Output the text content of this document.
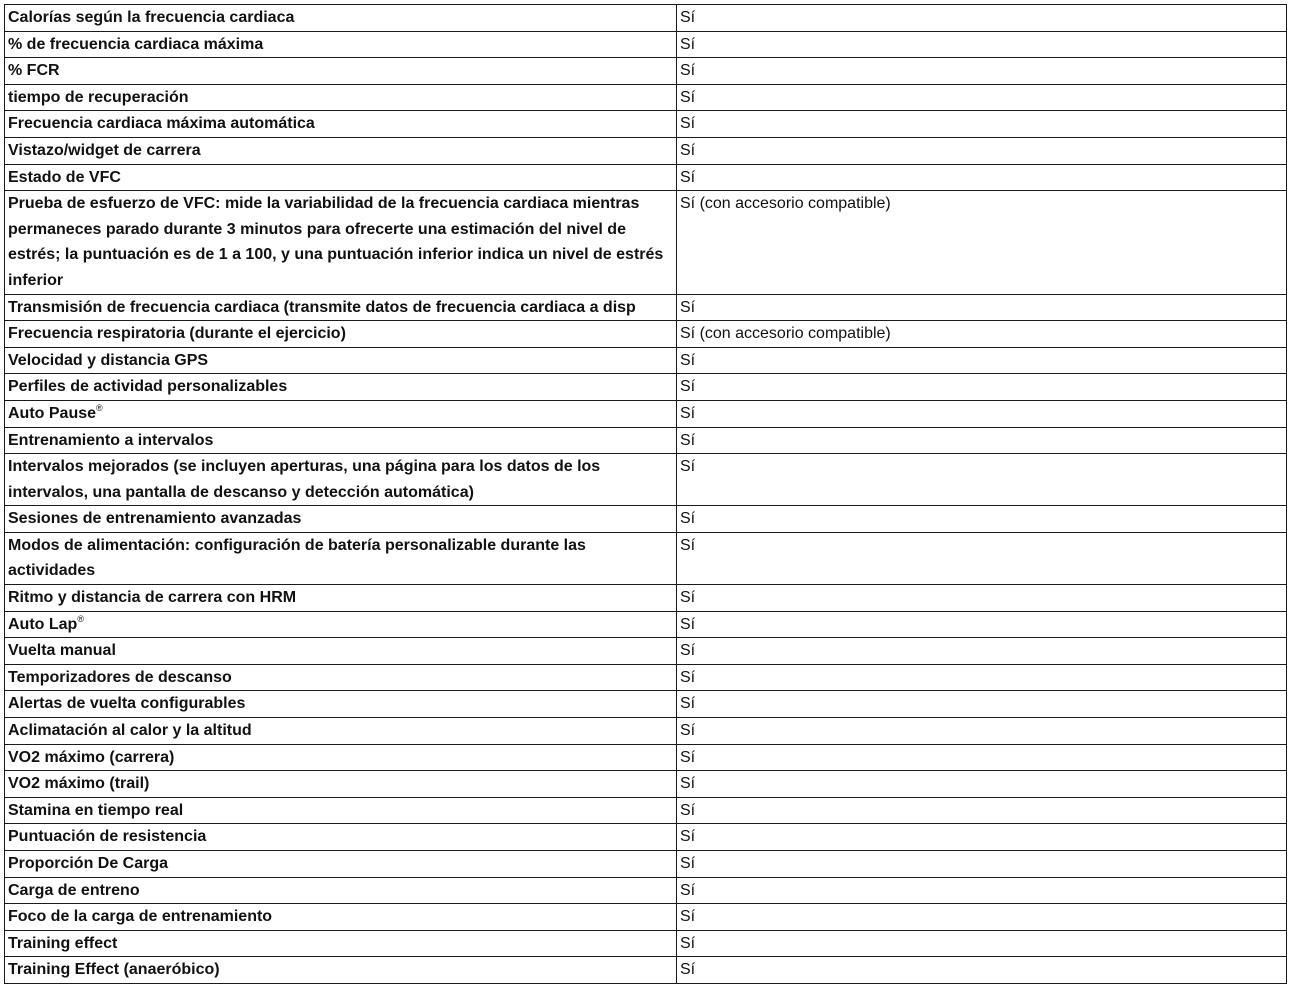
Calorías según la frecuencia cardiaca	Sí
% de frecuencia cardiaca máxima	Sí
% FCR	Sí
tiempo de recuperación	Sí
Frecuencia cardiaca máxima automática	Sí
Vistazo/widget de carrera	Sí
Estado de VFC	Sí
Prueba de esfuerzo de VFC: mide la variabilidad de la frecuencia cardiaca mientras permaneces parado durante 3 minutos para ofrecerte una estimación del nivel de estrés; la puntuación es de 1 a 100, y una puntuación inferior indica un nivel de estrés inferior	Sí (con accesorio compatible)
Transmisión de frecuencia cardiaca (transmite datos de frecuencia cardiaca a disp	Sí
Frecuencia respiratoria (durante el ejercicio)	Sí (con accesorio compatible)
Velocidad y distancia GPS	Sí
Perfiles de actividad personalizables	Sí
Auto Pause®	Sí
Entrenamiento a intervalos	Sí
Intervalos mejorados (se incluyen aperturas, una página para los datos de los intervalos, una pantalla de descanso y detección automática)	Sí
Sesiones de entrenamiento avanzadas	Sí
Modos de alimentación: configuración de batería personalizable durante las actividades	Sí
Ritmo y distancia de carrera con HRM	Sí
Auto Lap®	Sí
Vuelta manual	Sí
Temporizadores de descanso	Sí
Alertas de vuelta configurables	Sí
Aclimatación al calor y la altitud	Sí
VO2 máximo (carrera)	Sí
VO2 máximo (trail)	Sí
Stamina en tiempo real	Sí
Puntuación de resistencia	Sí
Proporción De Carga	Sí
Carga de entreno	Sí
Foco de la carga de entrenamiento	Sí
Training effect	Sí
Training Effect (anaeróbico)	Sí
